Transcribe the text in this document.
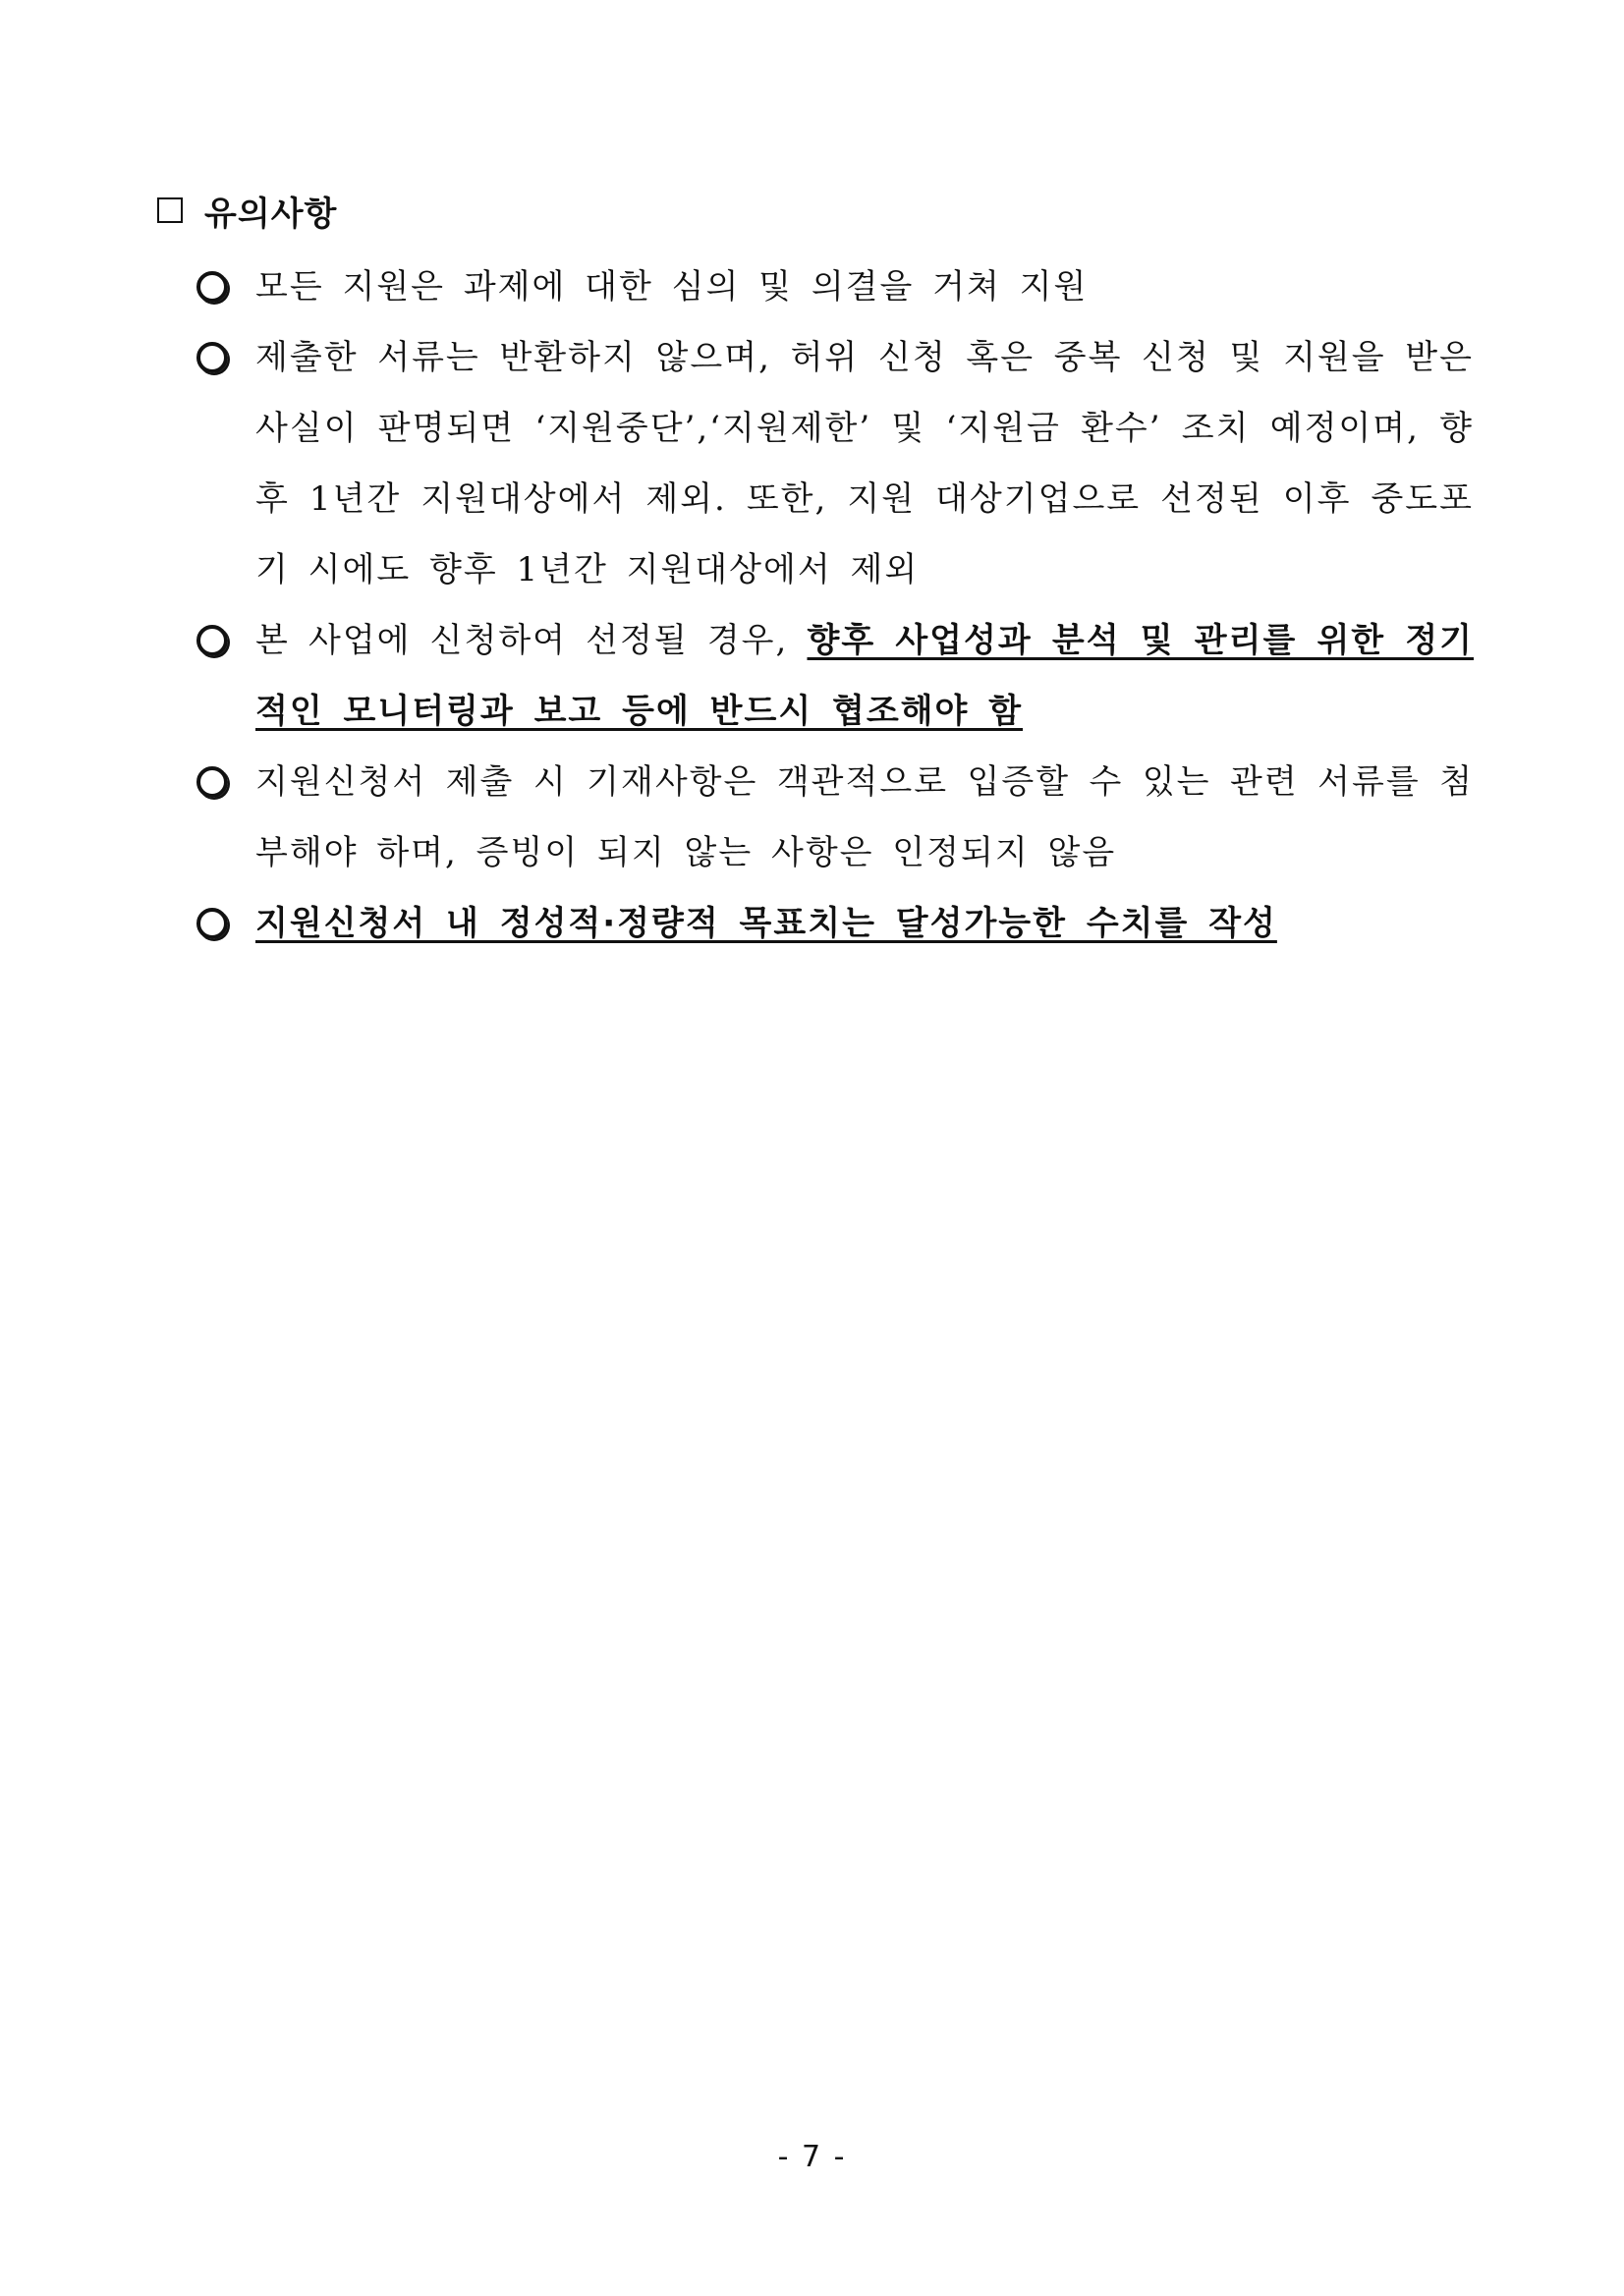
유의사항

모든 지원은 과제에 대한 심의 및 의결을 거쳐 지원

제출한 서류는 반환하지 않으며, 허위 신청 혹은 중복 신청 및 지원을 받은 사실이 판명되면 ‘지원중단’,‘지원제한’ 및 ‘지원금 환수’ 조치 예정이며, 향후 1년간 지원대상에서 제외. 또한, 지원 대상기업으로 선정된 이후 중도포기 시에도 향후 1년간 지원대상에서 제외

본 사업에 신청하여 선정될 경우, 향후 사업성과 분석 및 관리를 위한 정기적인 모니터링과 보고 등에 반드시 협조해야 함

지원신청서 제출 시 기재사항은 객관적으로 입증할 수 있는 관련 서류를 첨부해야 하며, 증빙이 되지 않는 사항은 인정되지 않음

지원신청서 내 정성적·정량적 목표치는 달성가능한 수치를 작성

- 7 -
